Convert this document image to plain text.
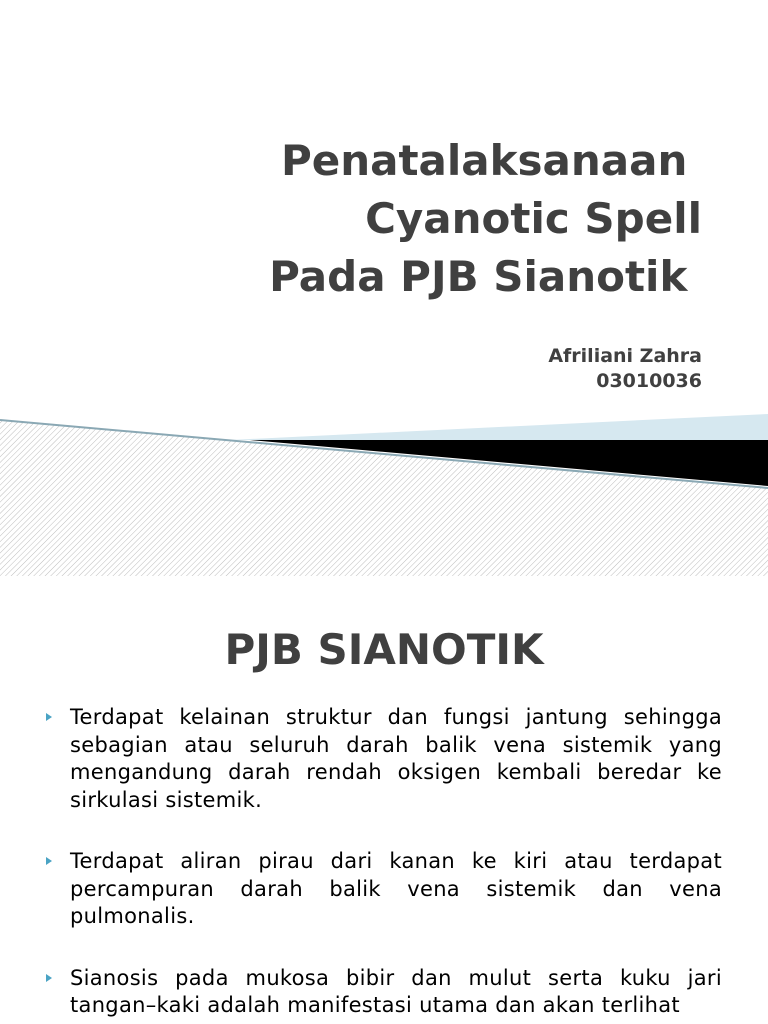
Penatalaksanaan
Cyanotic Spell
Pada PJB Sianotik
Afriliani Zahra
03010036
PJB SIANOTIK

Terdapat kelainan struktur dan fungsi jantung sehingga sebagian atau seluruh darah balik vena sistemik yang mengandung darah rendah oksigen kembali beredar ke sirkulasi sistemik.

Terdapat aliran pirau dari kanan ke kiri atau terdapat percampuran darah balik vena sistemik dan vena pulmonalis.

Sianosis pada mukosa bibir dan mulut serta kuku jari tangan–kaki adalah manifestasi utama dan akan terlihat
